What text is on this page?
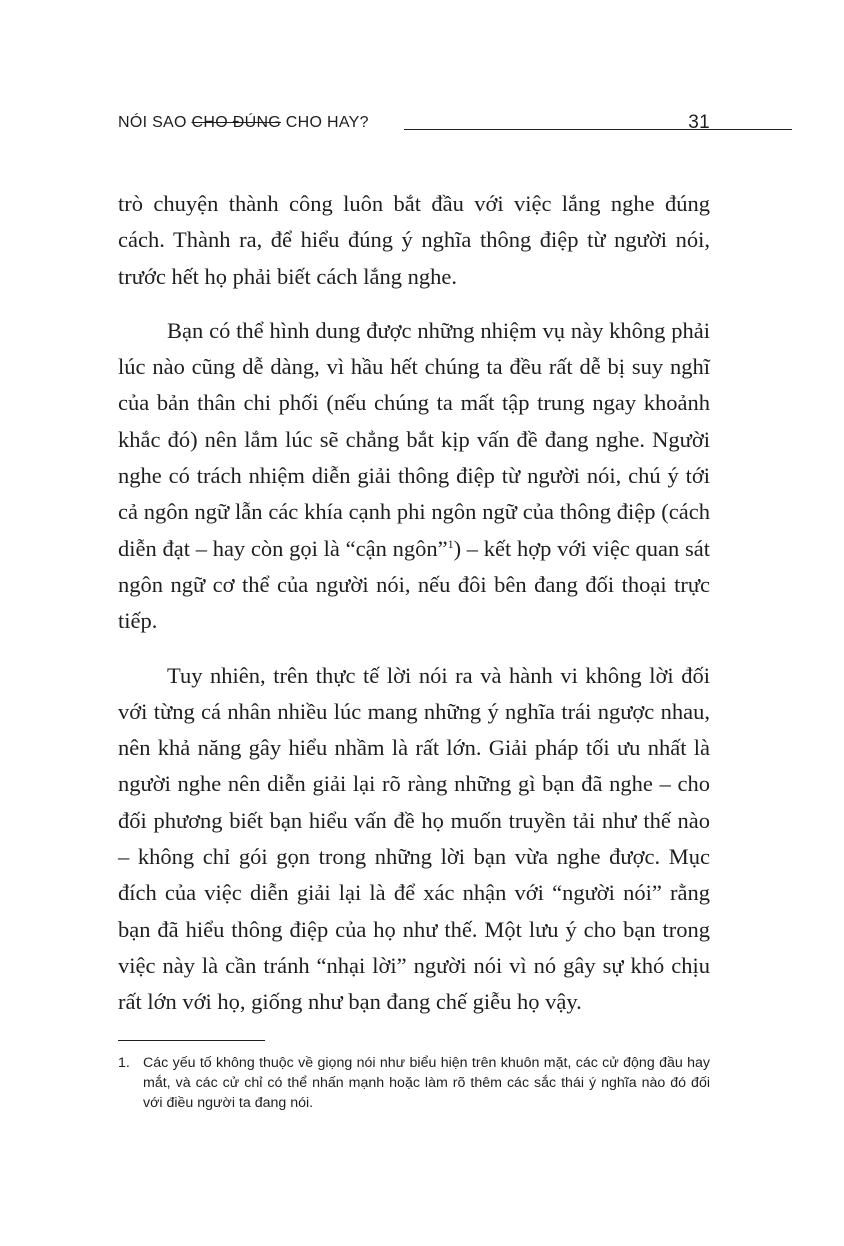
NÓI SAO CHO ĐÚNG CHO HAY?	31

trò chuyện thành công luôn bắt đầu với việc lắng nghe đúng cách. Thành ra, để hiểu đúng ý nghĩa thông điệp từ người nói, trước hết họ phải biết cách lắng nghe.

Bạn có thể hình dung được những nhiệm vụ này không phải lúc nào cũng dễ dàng, vì hầu hết chúng ta đều rất dễ bị suy nghĩ của bản thân chi phối (nếu chúng ta mất tập trung ngay khoảnh khắc đó) nên lắm lúc sẽ chẳng bắt kịp vấn đề đang nghe. Người nghe có trách nhiệm diễn giải thông điệp từ người nói, chú ý tới cả ngôn ngữ lẫn các khía cạnh phi ngôn ngữ của thông điệp (cách diễn đạt – hay còn gọi là “cận ngôn”$^1$) – kết hợp với việc quan sát ngôn ngữ cơ thể của người nói, nếu đôi bên đang đối thoại trực tiếp.

Tuy nhiên, trên thực tế lời nói ra và hành vi không lời đối với từng cá nhân nhiều lúc mang những ý nghĩa trái ngược nhau, nên khả năng gây hiểu nhầm là rất lớn. Giải pháp tối ưu nhất là người nghe nên diễn giải lại rõ ràng những gì bạn đã nghe – cho đối phương biết bạn hiểu vấn đề họ muốn truyền tải như thế nào – không chỉ gói gọn trong những lời bạn vừa nghe được. Mục đích của việc diễn giải lại là để xác nhận với “người nói” rằng bạn đã hiểu thông điệp của họ như thế. Một lưu ý cho bạn trong việc này là cần tránh “nhại lời” người nói vì nó gây sự khó chịu rất lớn với họ, giống như bạn đang chế giễu họ vậy.

1. Các yếu tố không thuộc về giọng nói như biểu hiện trên khuôn mặt, các cử động đầu hay mắt, và các cử chỉ có thể nhấn mạnh hoặc làm rõ thêm các sắc thái ý nghĩa nào đó đối với điều người ta đang nói.
